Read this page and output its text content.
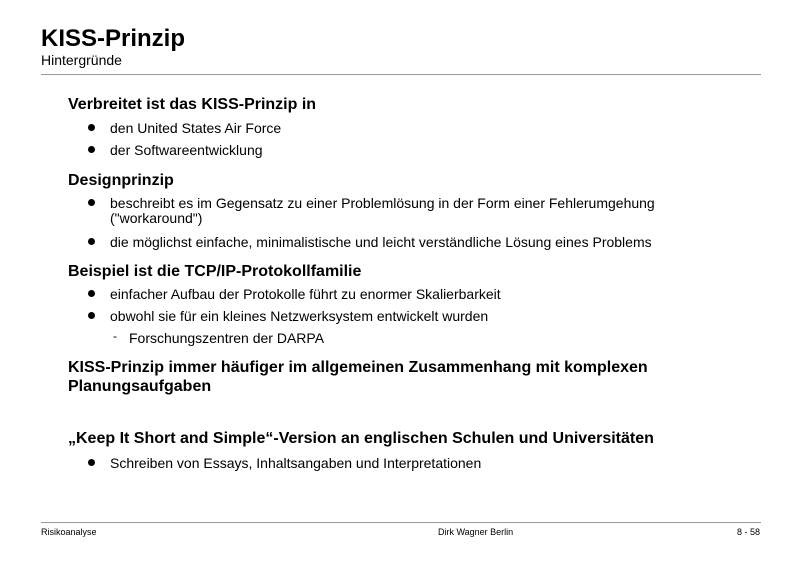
KISS-Prinzip

Hintergründe

Verbreitet ist das KISS-Prinzip in
den United States Air Force
der Softwareentwicklung
Designprinzip
beschreibt es im Gegensatz zu einer Problemlösung in der Form einer Fehlerumgehung
("workaround")
die möglichst einfache, minimalistische und leicht verständliche Lösung eines Problems
Beispiel ist die TCP/IP-Protokollfamilie
einfacher Aufbau der Protokolle führt zu enormer Skalierbarkeit
obwohl sie für ein kleines Netzwerksystem entwickelt wurden
- Forschungszentren der DARPA
KISS-Prinzip immer häufiger im allgemeinen Zusammenhang mit komplexen
Planungsaufgaben
„Keep It Short and Simple“-Version an englischen Schulen und Universitäten
Schreiben von Essays, Inhaltsangaben und Interpretationen
Risikoanalyse	Dirk Wagner Berlin	8 - 58
